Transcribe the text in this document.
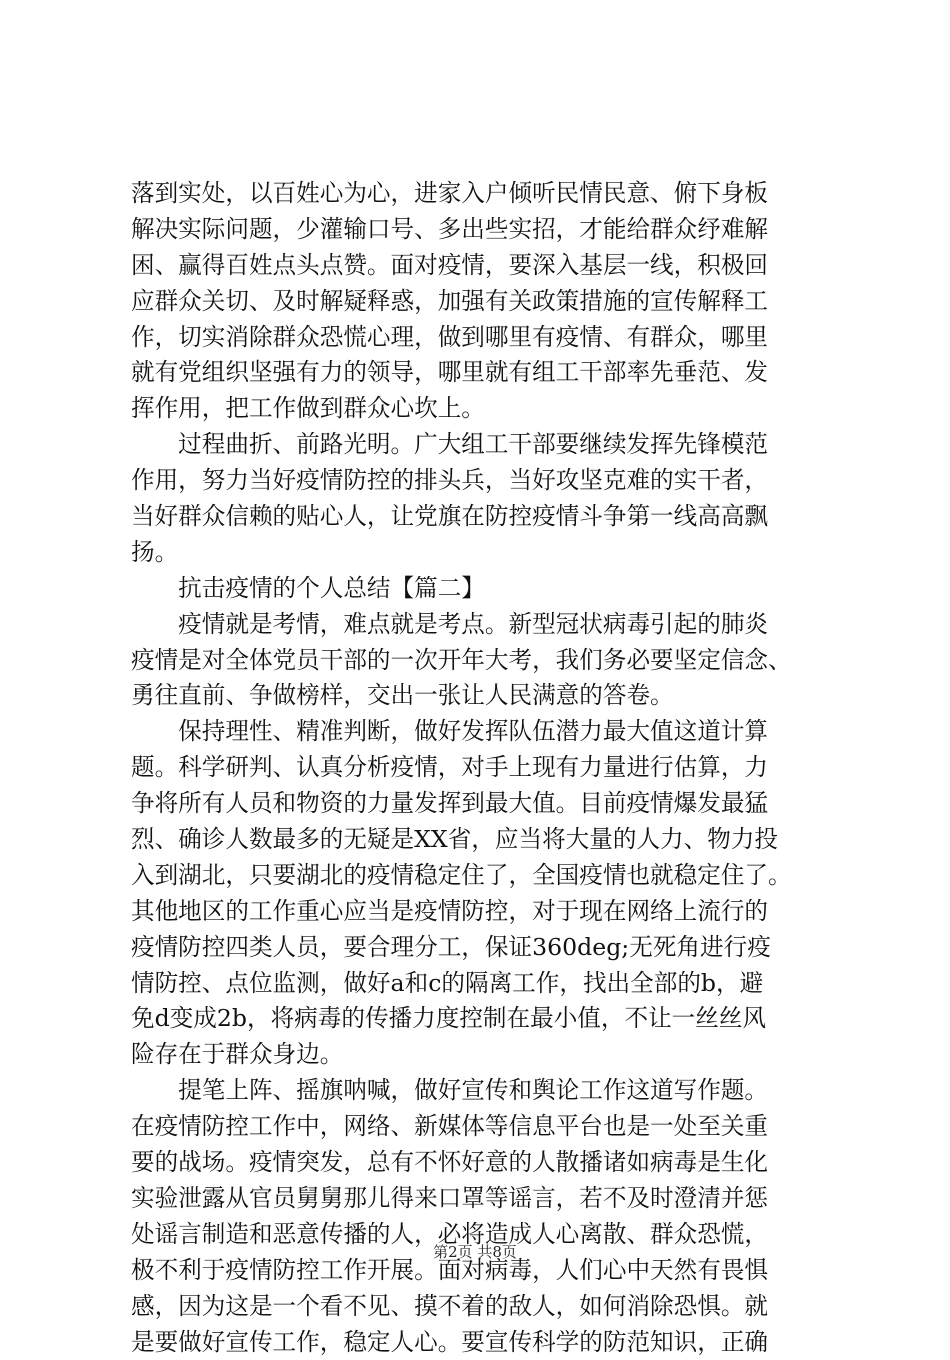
落到实处，以百姓心为心，进家入户倾听民情民意、俯下身板
解决实际问题，少灌输口号、多出些实招，才能给群众纾难解
困、赢得百姓点头点赞。面对疫情，要深入基层一线，积极回
应群众关切、及时解疑释惑，加强有关政策措施的宣传解释工
作，切实消除群众恐慌心理，做到哪里有疫情、有群众，哪里
就有党组织坚强有力的领导，哪里就有组工干部率先垂范、发
挥作用，把工作做到群众心坎上。
　　过程曲折、前路光明。广大组工干部要继续发挥先锋模范
作用，努力当好疫情防控的排头兵，当好攻坚克难的实干者，
当好群众信赖的贴心人，让党旗在防控疫情斗争第一线高高飘
扬。
　　抗击疫情的个人总结【篇二】
　　疫情就是考情，难点就是考点。新型冠状病毒引起的肺炎
疫情是对全体党员干部的一次开年大考，我们务必要坚定信念、
勇往直前、争做榜样，交出一张让人民满意的答卷。
　　保持理性、精准判断，做好发挥队伍潜力最大值这道计算
题。科学研判、认真分析疫情，对手上现有力量进行估算，力
争将所有人员和物资的力量发挥到最大值。目前疫情爆发最猛
烈、确诊人数最多的无疑是XX省，应当将大量的人力、物力投
入到湖北，只要湖北的疫情稳定住了，全国疫情也就稳定住了。
其他地区的工作重心应当是疫情防控，对于现在网络上流行的
疫情防控四类人员，要合理分工，保证360deg;无死角进行疫
情防控、点位监测，做好a和c的隔离工作，找出全部的b，避
免d变成2b，将病毒的传播力度控制在最小值，不让一丝丝风
险存在于群众身边。
　　提笔上阵、摇旗呐喊，做好宣传和舆论工作这道写作题。
在疫情防控工作中，网络、新媒体等信息平台也是一处至关重
要的战场。疫情突发，总有不怀好意的人散播诸如病毒是生化
实验泄露从官员舅舅那儿得来口罩等谣言，若不及时澄清并惩
处谣言制造和恶意传播的人，必将造成人心离散、群众恐慌，
极不利于疫情防控工作开展。面对病毒，人们心中天然有畏惧
感，因为这是一个看不见、摸不着的敌人，如何消除恐惧。就
是要做好宣传工作，稳定人心。要宣传科学的防范知识，正确
第2页 共8页
